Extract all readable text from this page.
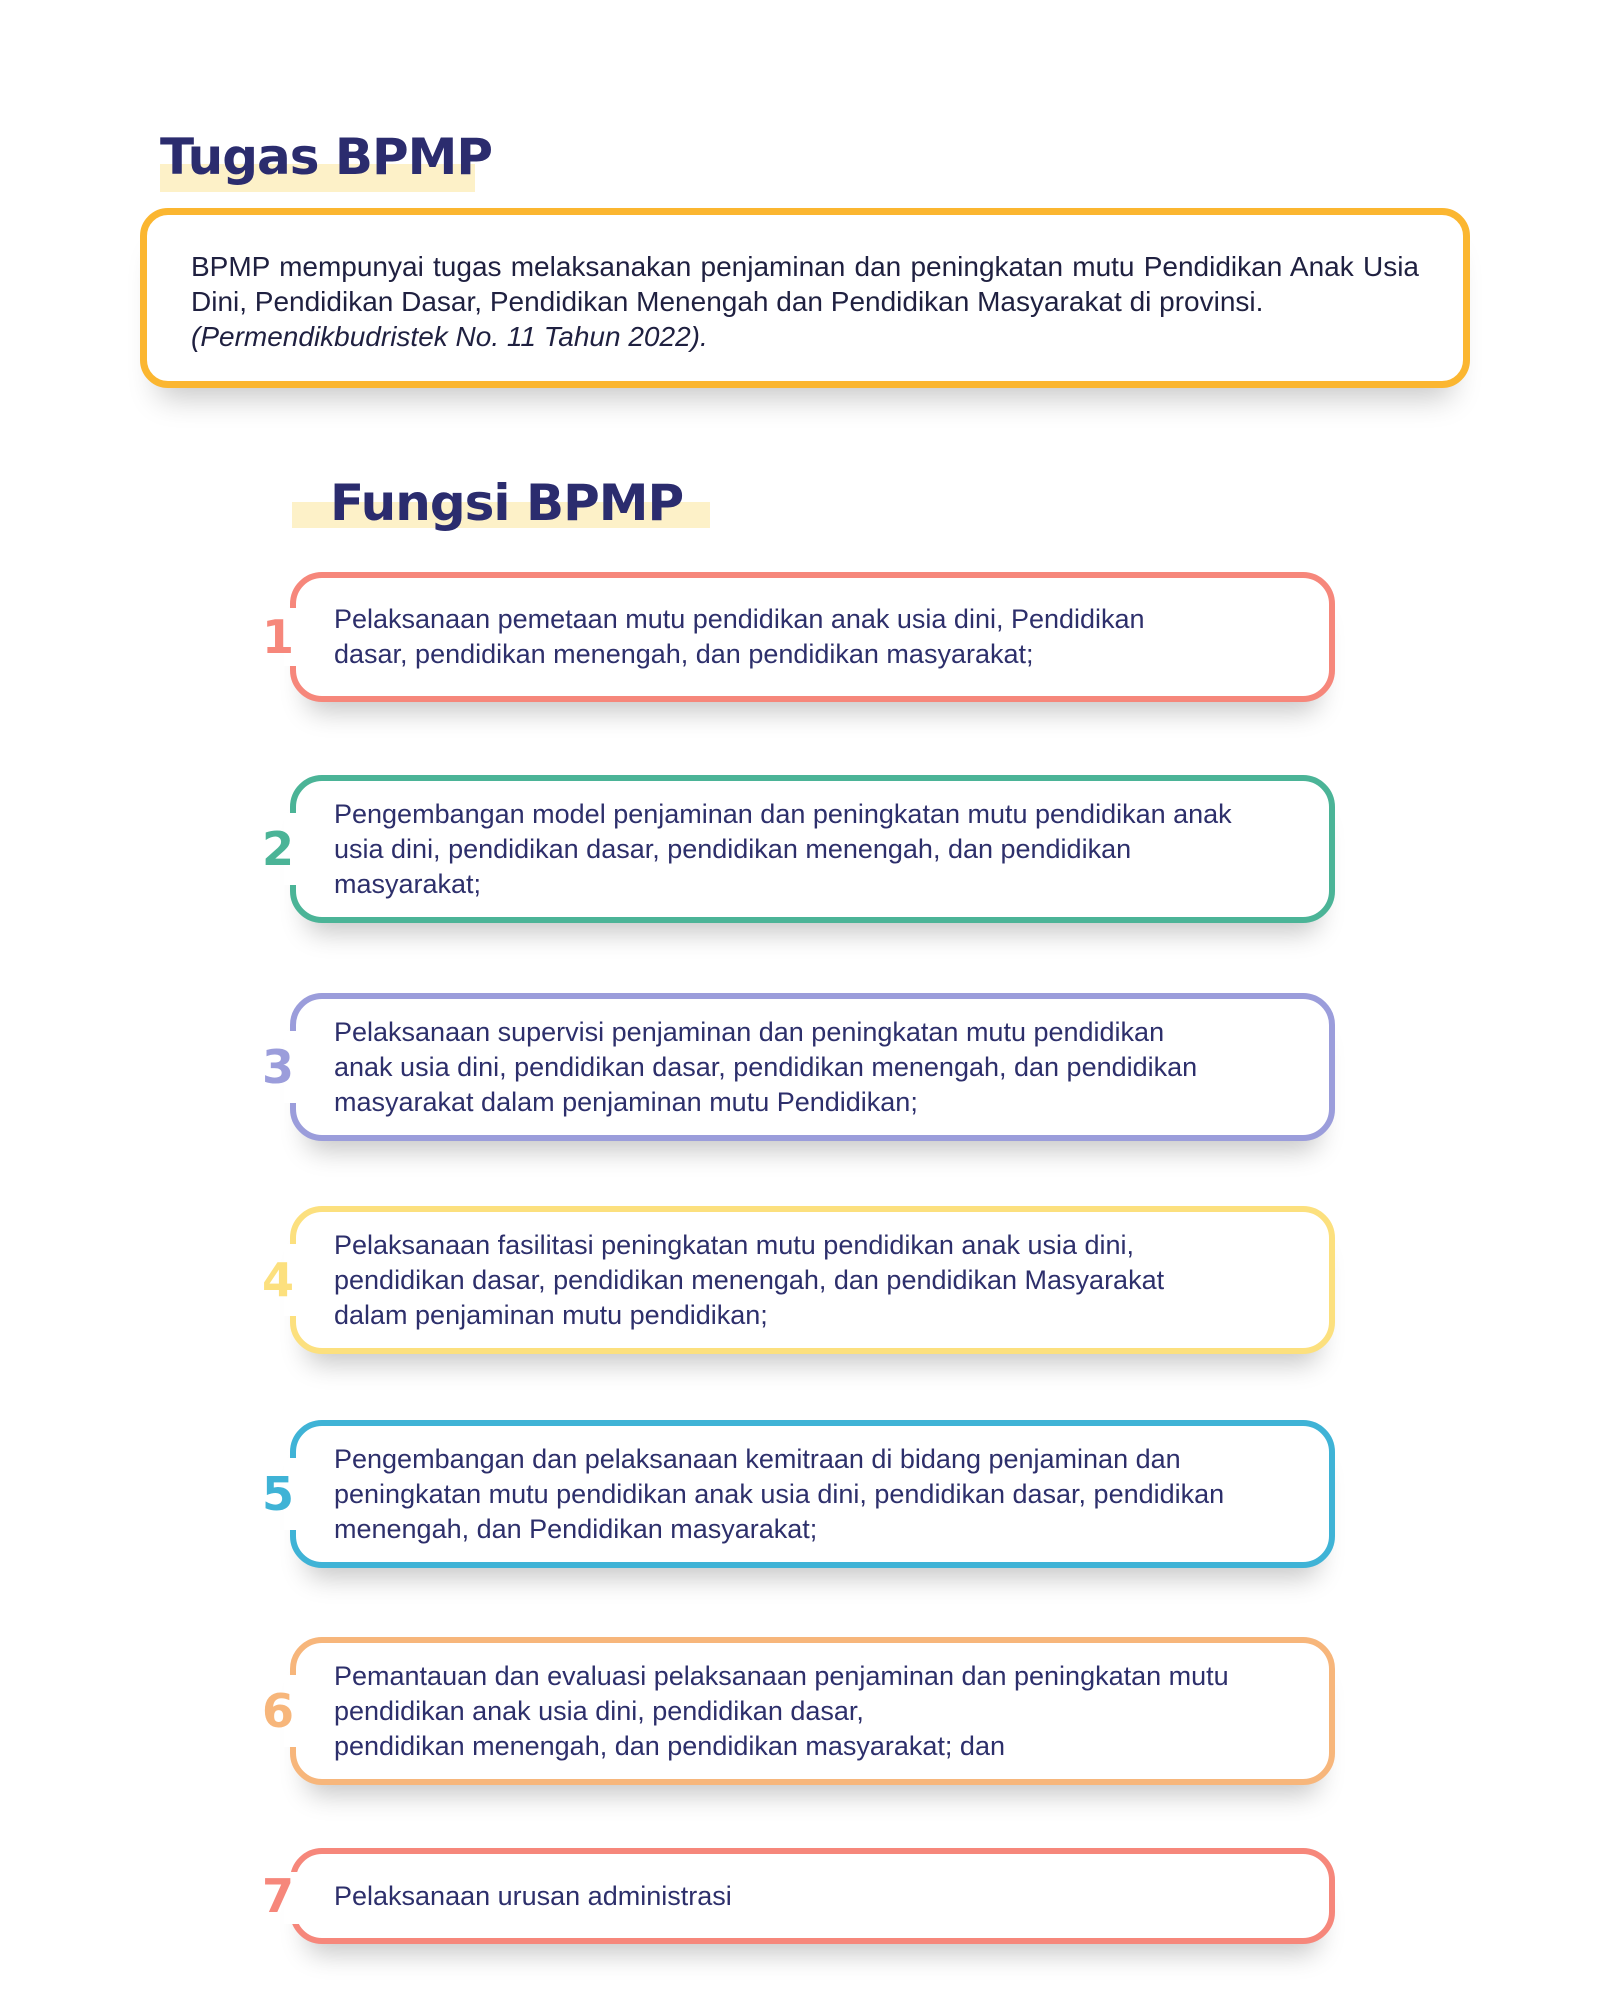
Tugas BPMP
BPMP mempunyai tugas melaksanakan penjaminan dan peningkatan mutu Pendidikan Anak Usia Dini, Pendidikan Dasar, Pendidikan Menengah dan Pendidikan Masyarakat di provinsi.
(Permendikbudristek No. 11 Tahun 2022).
Fungsi BPMP
1 Pelaksanaan pemetaan mutu pendidikan anak usia dini, Pendidikan
dasar, pendidikan menengah, dan pendidikan masyarakat;
2
Pengembangan model penjaminan dan peningkatan mutu pendidikan anak
usia dini, pendidikan dasar, pendidikan menengah, dan pendidikan
masyarakat;
3
Pelaksanaan supervisi penjaminan dan peningkatan mutu pendidikan
anak usia dini, pendidikan dasar, pendidikan menengah, dan pendidikan
masyarakat dalam penjaminan mutu Pendidikan;
4
Pelaksanaan fasilitasi peningkatan mutu pendidikan anak usia dini,
pendidikan dasar, pendidikan menengah, dan pendidikan Masyarakat
dalam penjaminan mutu pendidikan;
5
Pengembangan dan pelaksanaan kemitraan di bidang penjaminan dan
peningkatan mutu pendidikan anak usia dini, pendidikan dasar, pendidikan
menengah, dan Pendidikan masyarakat;
6
Pemantauan dan evaluasi pelaksanaan penjaminan dan peningkatan mutu
pendidikan anak usia dini, pendidikan dasar,
pendidikan menengah, dan pendidikan masyarakat; dan
7 Pelaksanaan urusan administrasi
